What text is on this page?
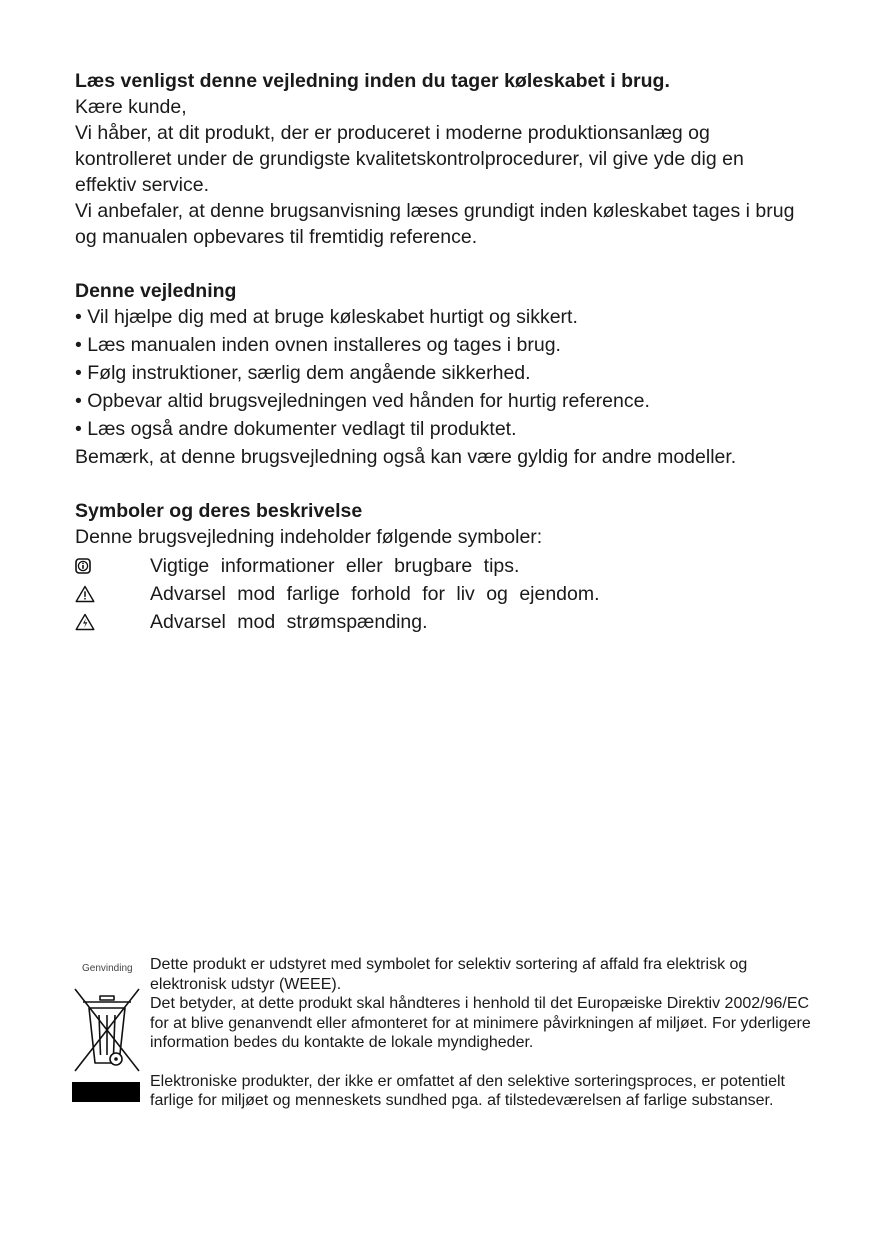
Læs venligst denne vejledning inden du tager køleskabet i brug.

Kære kunde,

Vi håber, at dit produkt, der er produceret i moderne produktionsanlæg og kontrolleret under de grundigste kvalitetskontrolprocedurer, vil give yde dig en effektiv service.

Vi anbefaler, at denne brugsanvisning læses grundigt inden køleskabet tages i brug og manualen opbevares til fremtidig reference.

Denne vejledning

• Vil hjælpe dig med at bruge køleskabet hurtigt og sikkert.
• Læs manualen inden ovnen installeres og tages i brug.
• Følg instruktioner, særlig dem angående sikkerhed.
• Opbevar altid brugsvejledningen ved hånden for hurtig reference.
• Læs også andre dokumenter vedlagt til produktet.

Bemærk, at denne brugsvejledning også kan være gyldig for andre modeller.

Symboler og deres beskrivelse

Denne brugsvejledning indeholder følgende symboler:

Vigtige informationer eller brugbare tips.
Advarsel mod farlige forhold for liv og ejendom.
Advarsel mod strømspænding.
Genvinding Dette produkt er udstyret med symbolet for selektiv sortering af affald fra elektrisk og elektronisk udstyr (WEEE).

Det betyder, at dette produkt skal håndteres i henhold til det Europæiske Direktiv 2002/96/EC for at blive genanvendt eller afmonteret for at minimere påvirkningen af miljøet. For yderligere information bedes du kontakte de lokale myndigheder.

Elektroniske produkter, der ikke er omfattet af den selektive sorteringsproces, er potentielt farlige for miljøet og menneskets sundhed pga. af tilstedeværelsen af farlige substanser.
